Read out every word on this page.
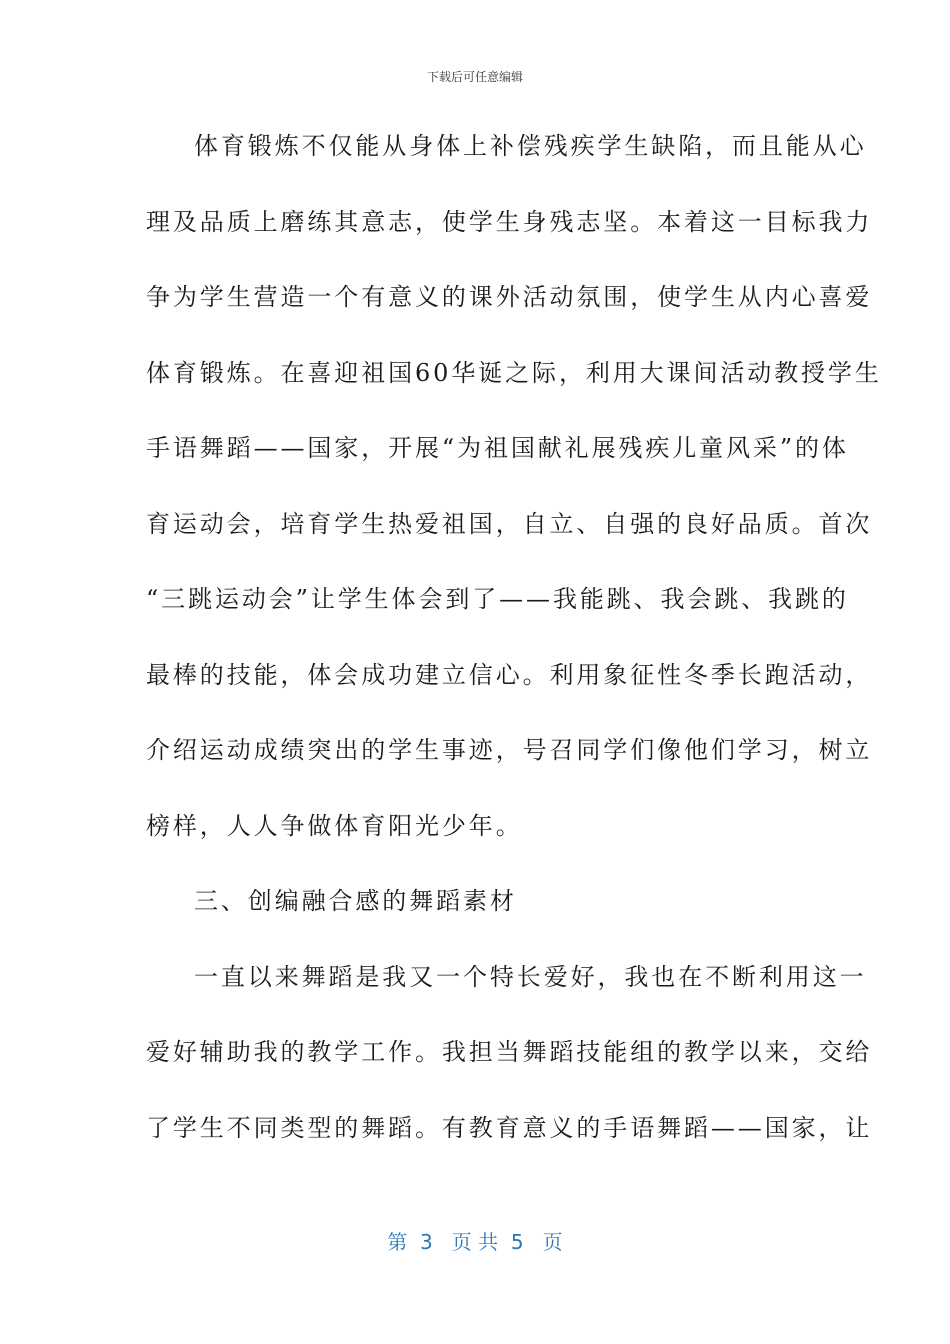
下载后可任意编辑
体育锻炼不仅能从身体上补偿残疾学生缺陷，而且能从心
理及品质上磨练其意志，使学生身残志坚。本着这一目标我力
争为学生营造一个有意义的课外活动氛围，使学生从内心喜爱
体育锻炼。在喜迎祖国60华诞之际，利用大课间活动教授学生
手语舞蹈——国家，开展“为祖国献礼展残疾儿童风采”的体
育运动会，培育学生热爱祖国，自立、自强的良好品质。首次
“三跳运动会”让学生体会到了——我能跳、我会跳、我跳的
最棒的技能，体会成功建立信心。利用象征性冬季长跑活动，
介绍运动成绩突出的学生事迹，号召同学们像他们学习，树立
榜样，人人争做体育阳光少年。
三、创编融合感的舞蹈素材
一直以来舞蹈是我又一个特长爱好，我也在不断利用这一
爱好辅助我的教学工作。我担当舞蹈技能组的教学以来，交给
了学生不同类型的舞蹈。有教育意义的手语舞蹈——国家，让
第  3   页 共  5   页
